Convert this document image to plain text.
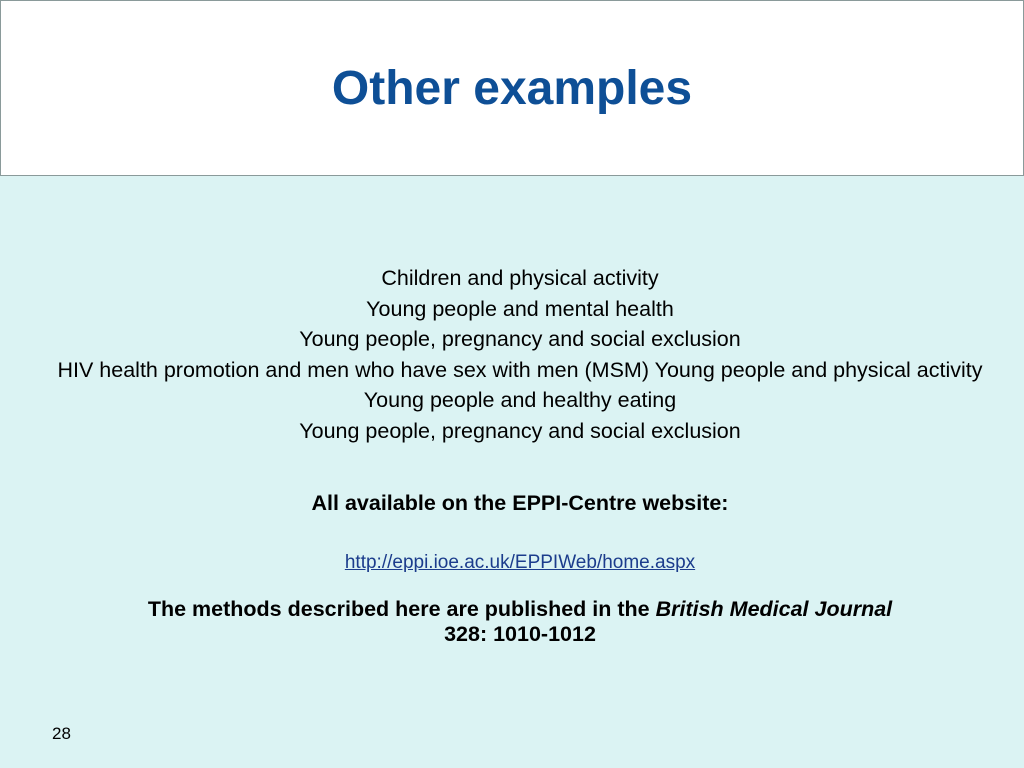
Other examples
Children and physical activity
Young people and mental health
Young people, pregnancy and social exclusion
HIV health promotion and men who have sex with men (MSM) Young people and physical activity
Young people and healthy eating
Young people, pregnancy and social exclusion
All available on the EPPI-Centre website:
http://eppi.ioe.ac.uk/EPPIWeb/home.aspx
The methods described here are published in the British Medical Journal
328: 1010-1012
28
